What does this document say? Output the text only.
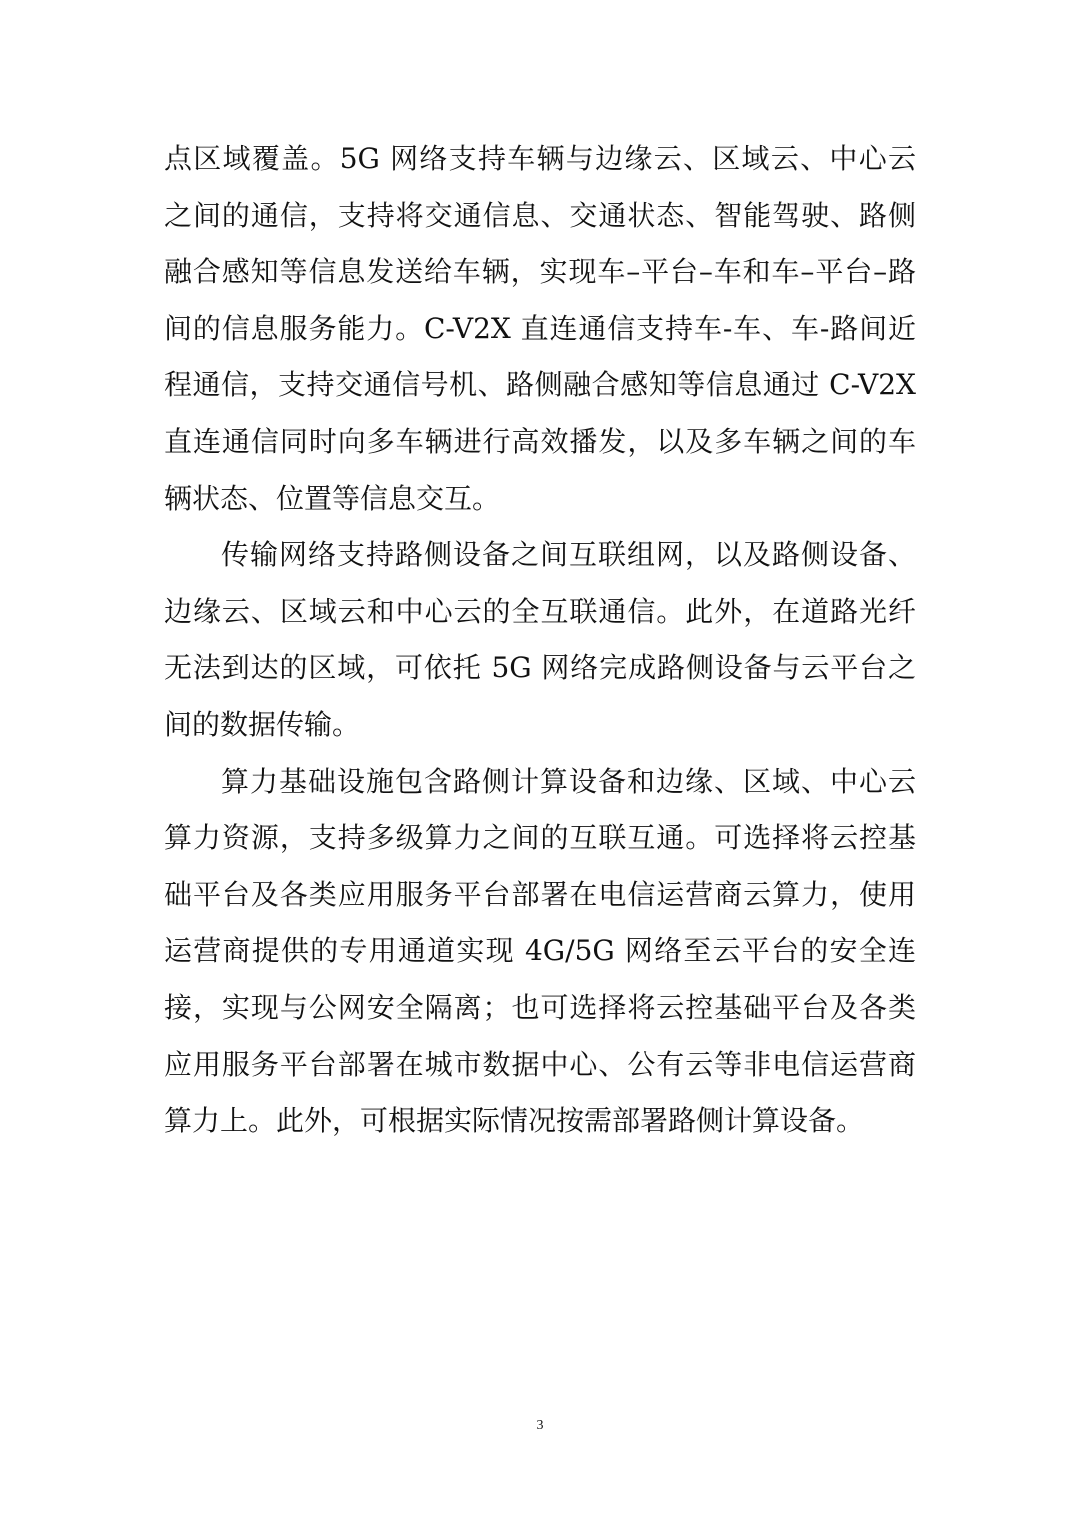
点区域覆盖。5G 网络支持车辆与边缘云、区域云、中心云
之间的通信，支持将交通信息、交通状态、智能驾驶、路侧
融合感知等信息发送给车辆，实现车–平台–车和车–平台–路
间的信息服务能力。C-V2X 直连通信支持车-车、车-路间近
程通信，支持交通信号机、路侧融合感知等信息通过 C-V2X
直连通信同时向多车辆进行高效播发，以及多车辆之间的车
辆状态、位置等信息交互。
传输网络支持路侧设备之间互联组网，以及路侧设备、
边缘云、区域云和中心云的全互联通信。此外，在道路光纤
无法到达的区域，可依托 5G 网络完成路侧设备与云平台之
间的数据传输。
算力基础设施包含路侧计算设备和边缘、区域、中心云
算力资源，支持多级算力之间的互联互通。可选择将云控基
础平台及各类应用服务平台部署在电信运营商云算力，使用
运营商提供的专用通道实现 4G/5G 网络至云平台的安全连
接，实现与公网安全隔离；也可选择将云控基础平台及各类
应用服务平台部署在城市数据中心、公有云等非电信运营商
算力上。此外，可根据实际情况按需部署路侧计算设备。
3
